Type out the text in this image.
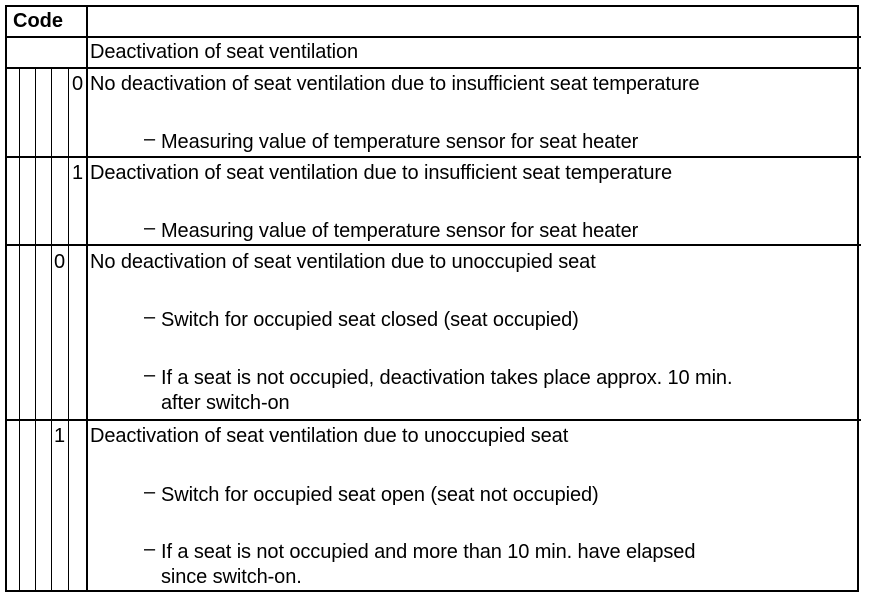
Code
Deactivation of seat ventilation
0 No deactivation of seat ventilation due to insufficient seat temperature
– Measuring value of temperature sensor for seat heater
1 Deactivation of seat ventilation due to insufficient seat temperature
– Measuring value of temperature sensor for seat heater
0 No deactivation of seat ventilation due to unoccupied seat
– Switch for occupied seat closed (seat occupied)
– If a seat is not occupied, deactivation takes place approx. 10 min.
after switch-on
1 Deactivation of seat ventilation due to unoccupied seat
– Switch for occupied seat open (seat not occupied)
– If a seat is not occupied and more than 10 min. have elapsed
since switch-on.
